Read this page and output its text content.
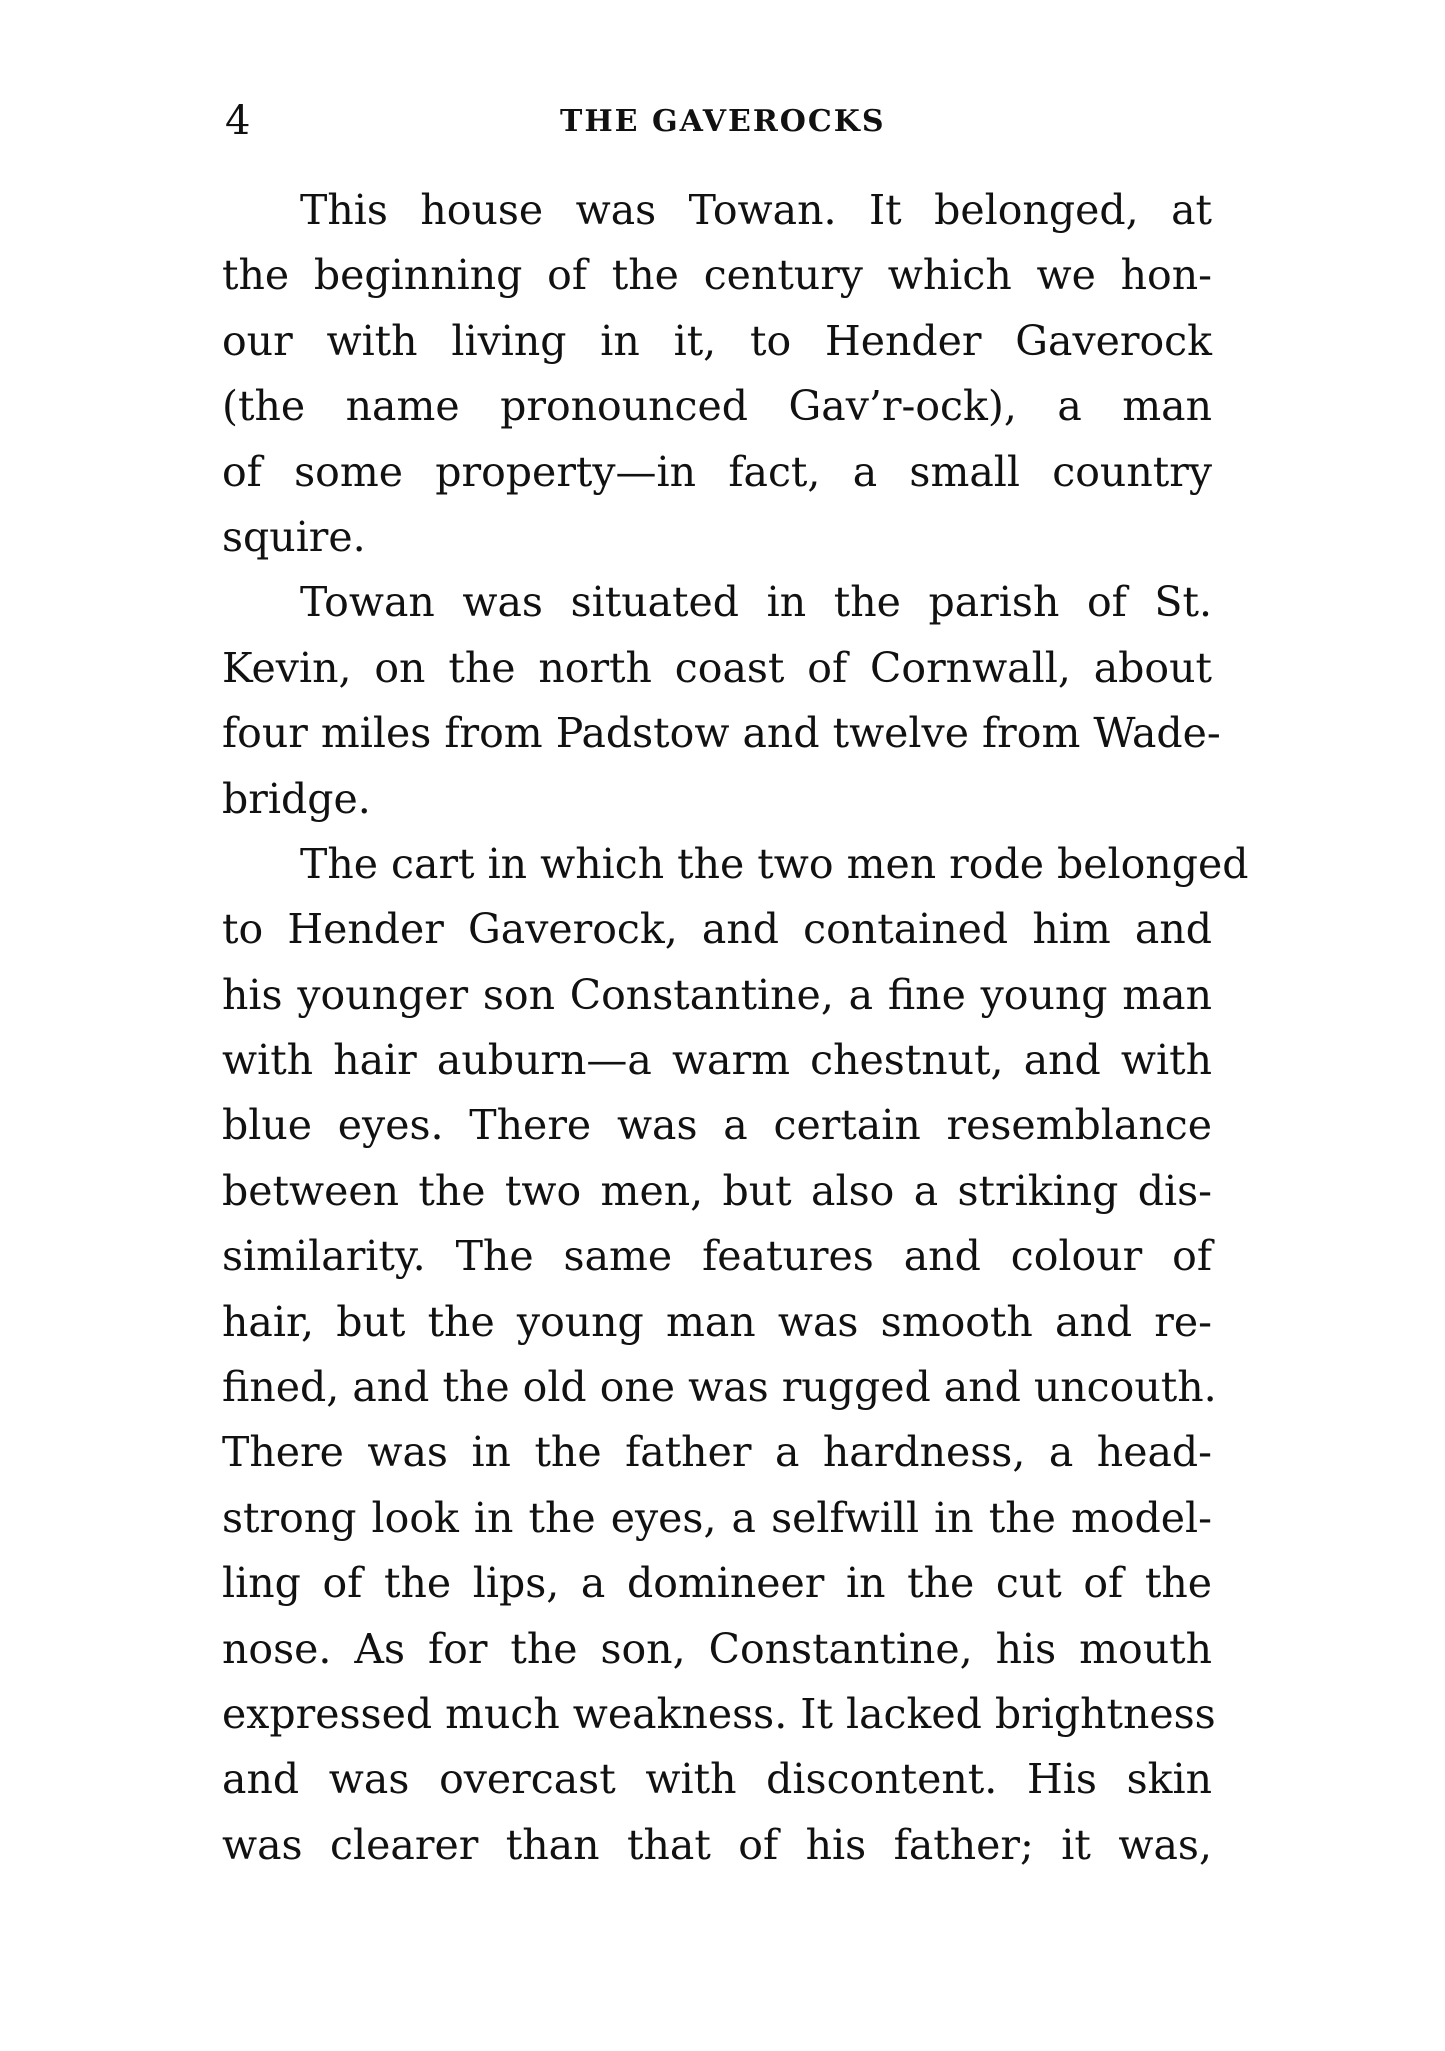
4	THE GAVEROCKS
This house was Towan. It belonged, at
the beginning of the century which we hon-
our with living in it, to Hender Gaverock
(the name pronounced Gav’r-ock), a man
of some property—in fact, a small country
squire.
Towan was situated in the parish of St.
Kevin, on the north coast of Cornwall, about
four miles from Padstow and twelve from Wade-
bridge.
The cart in which the two men rode belonged
to Hender Gaverock, and contained him and
his younger son Constantine, a fine young man
with hair auburn—a warm chestnut, and with
blue eyes. There was a certain resemblance
between the two men, but also a striking dis-
similarity. The same features and colour of
hair, but the young man was smooth and re-
fined, and the old one was rugged and uncouth.
There was in the father a hardness, a head-
strong look in the eyes, a selfwill in the model-
ling of the lips, a domineer in the cut of the
nose. As for the son, Constantine, his mouth
expressed much weakness. It lacked brightness
and was overcast with discontent. His skin
was clearer than that of his father; it was,
